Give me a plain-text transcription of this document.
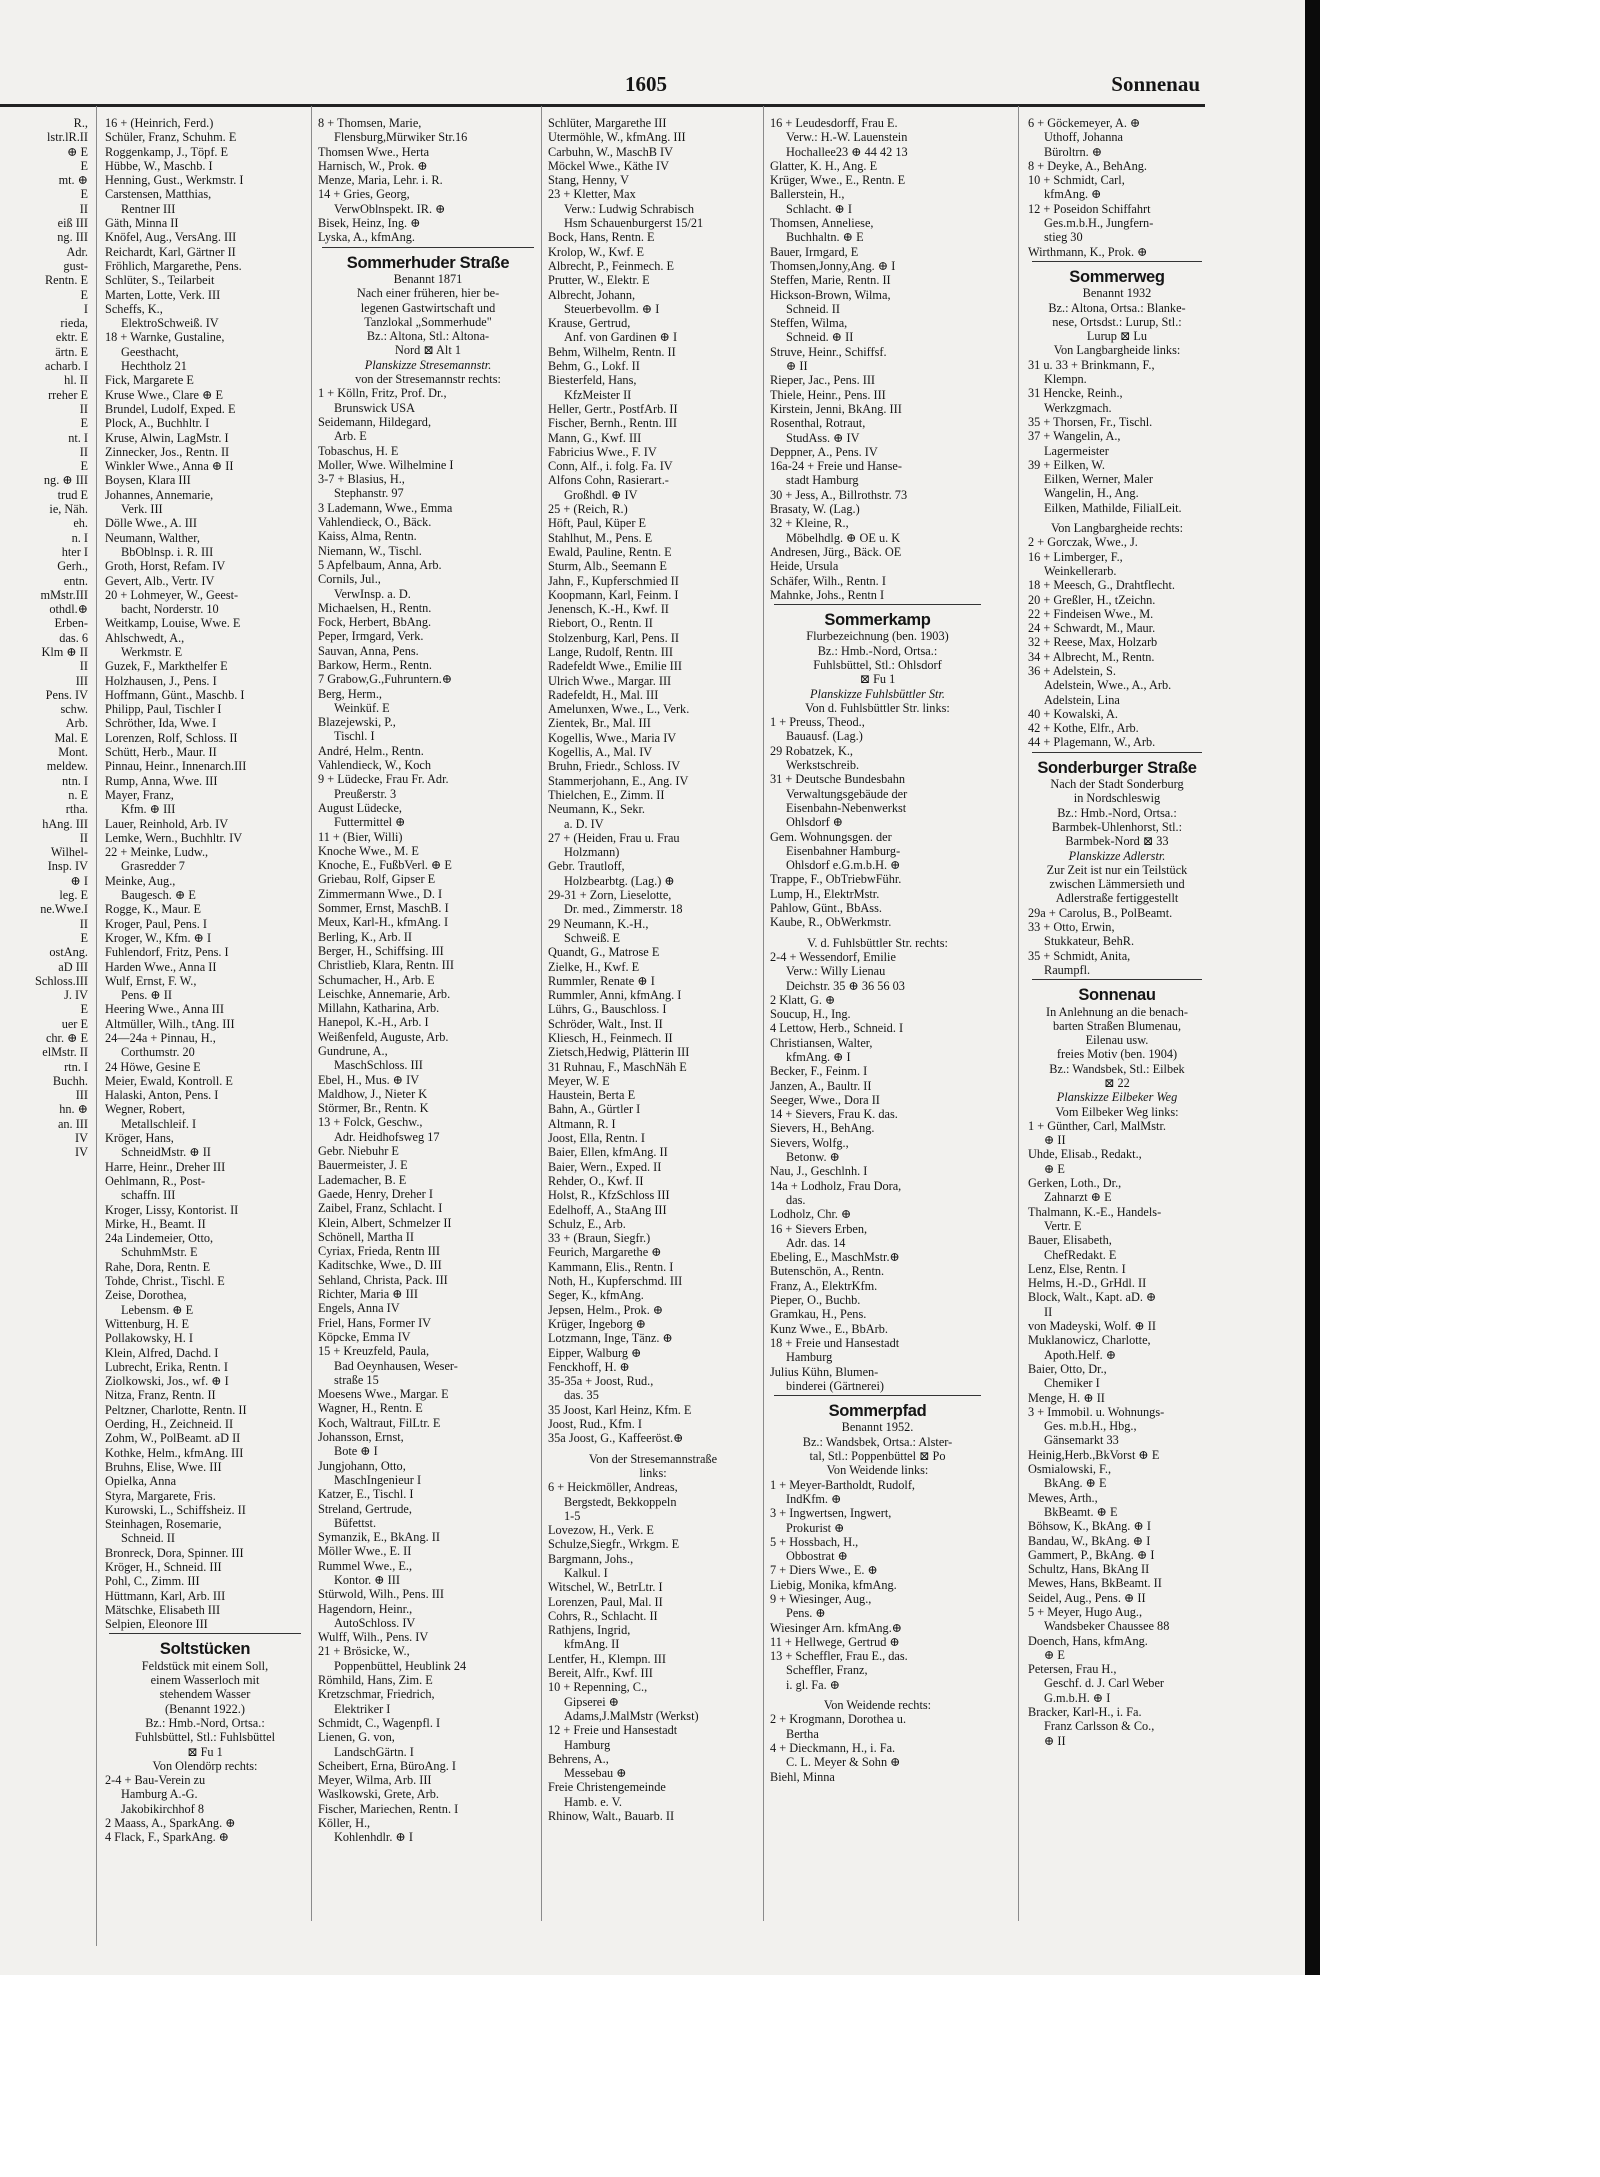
1605	Sonnenau
R.,
lstr.lR.II
⊕ E
E
mt. ⊕
E
II
eiß III
ng. III
Adr.
gust-
Rentn. E
E
I
rieda,
ektr. E
ärtn. E
acharb. I
hl. II
rreher E
II
E
nt. I
II
E
ng. ⊕ III
trud E
ie, Näh.
eh.
n. I
hter I
Gerh.,
entn.
mMstr.III
othdl.⊕
Erben-
das. 6
Klm ⊕ II
II
III
Pens. IV
schw.
Arb.
Mal. E
Mont.
meldew.
ntn. I
n. E
rtha.
hAng. III
II
Wilhel-
Insp. IV
⊕ I
leg. E
ne.Wwe.I
II
E
ostAng.
aD III
Schloss.III
J. IV
E
uer E
chr. ⊕ E
elMstr. II
rtn. I
Buchh.
III
hn. ⊕
an. III
IV
IV
16 + (Heinrich, Ferd.)
Schüler, Franz, Schuhm. E
Roggenkamp, J., Töpf. E
Hübbe, W., Maschb. I
Henning, Gust., Werkmstr. I
Carstensen, Matthias,
Rentner III
Gäth, Minna II
Knöfel, Aug., VersAng. III
Reichardt, Karl, Gärtner II
Fröhlich, Margarethe, Pens.
Schlüter, S., Teilarbeit
Marten, Lotte, Verk. III
Scheffs, K.,
ElektroSchweiß. IV
18 + Warnke, Gustaline,
Geesthacht,
Hechtholz 21
Fick, Margarete E
Kruse Wwe., Clare ⊕ E
Brundel, Ludolf, Exped. E
Plock, A., Buchhltr. I
Kruse, Alwin, LagMstr. I
Zinnecker, Jos., Rentn. II
Winkler Wwe., Anna ⊕ II
Boysen, Klara III
Johannes, Annemarie,
Verk. III
Dölle Wwe., A. III
Neumann, Walther,
BbOblnsp. i. R. III
Groth, Horst, Refam. IV
Gevert, Alb., Vertr. IV
20 + Lohmeyer, W., Geest-
bacht, Norderstr. 10
Weitkamp, Louise, Wwe. E
Ahlschwedt, A.,
Werkmstr. E
Guzek, F., Markthelfer E
Holzhausen, J., Pens. I
Hoffmann, Günt., Maschb. I
Philipp, Paul, Tischler I
Schröther, Ida, Wwe. I
Lorenzen, Rolf, Schloss. II
Schütt, Herb., Maur. II
Pinnau, Heinr., Innenarch.III
Rump, Anna, Wwe. III
Mayer, Franz,
Kfm. ⊕ III
Lauer, Reinhold, Arb. IV
Lemke, Wern., Buchhltr. IV
22 + Meinke, Ludw.,
Grasredder 7
Meinke, Aug.,
Baugesch. ⊕ E
Rogge, K., Maur. E
Kroger, Paul, Pens. I
Kroger, W., Kfm. ⊕ I
Fuhlendorf, Fritz, Pens. I
Harden Wwe., Anna II
Wulf, Ernst, F. W.,
Pens. ⊕ II
Heering Wwe., Anna III
Altmüller, Wilh., tAng. III
24—24a + Pinnau, H.,
Corthumstr. 20
24 Höwe, Gesine E
Meier, Ewald, Kontroll. E
Halaski, Anton, Pens. I
Wegner, Robert,
Metallschleif. I
Kröger, Hans,
SchneidMstr. ⊕ II
Harre, Heinr., Dreher III
Oehlmann, R., Post-
schaffn. III
Kroger, Lissy, Kontorist. II
Mirke, H., Beamt. II
24a Lindemeier, Otto,
SchuhmMstr. E
Rahe, Dora, Rentn. E
Tohde, Christ., Tischl. E
Zeise, Dorothea,
Lebensm. ⊕ E
Wittenburg, H. E
Pollakowsky, H. I
Klein, Alfred, Dachd. I
Lubrecht, Erika, Rentn. I
Ziolkowski, Jos., wf. ⊕ I
Nitza, Franz, Rentn. II
Peltzner, Charlotte, Rentn. II
Oerding, H., Zeichneid. II
Zohm, W., PolBeamt. aD II
Kothke, Helm., kfmAng. III
Bruhns, Elise, Wwe. III
Opielka, Anna
Styra, Margarete, Fris.
Kurowski, L., Schiffsheiz. II
Steinhagen, Rosemarie,
Schneid. II
Bronreck, Dora, Spinner. III
Kröger, H., Schneid. III
Pohl, C., Zimm. III
Hüttmann, Karl, Arb. III
Mätschke, Elisabeth III
Selpien, Eleonore III
Soltstücken
Feldstück mit einem Soll,
einem Wasserloch mit
stehendem Wasser
(Benannt 1922.)
Bz.: Hmb.-Nord, Ortsa.:
Fuhlsbüttel, Stl.: Fuhlsbüttel
⊠ Fu 1
Von Olendörp rechts:
2-4 + Bau-Verein zu
Hamburg A.-G.
Jakobikirchhof 8
2 Maass, A., SparkAng. ⊕
4 Flack, F., SparkAng. ⊕
8 + Thomsen, Marie,
Flensburg,Mürwiker Str.16
Thomsen Wwe., Herta
Harnisch, W., Prok. ⊕
Menze, Maria, Lehr. i. R.
14 + Gries, Georg,
VerwOblnspekt. IR. ⊕
Bisek, Heinz, Ing. ⊕
Lyska, A., kfmAng.
Sommerhuder Straße
Benannt 1871
Nach einer früheren, hier be-
legenen Gastwirtschaft und
Tanzlokal „Sommerhude"
Bz.: Altona, Stl.: Altona-
Nord ⊠ Alt 1
Planskizze Stresemannstr.
von der Stresemannstr rechts:
1 + Kölln, Fritz, Prof. Dr.,
Brunswick USA
Seidemann, Hildegard,
Arb. E
Tobaschus, H. E
Moller, Wwe. Wilhelmine I
3-7 + Blasius, H.,
Stephanstr. 97
3 Lademann, Wwe., Emma
Vahlendieck, O., Bäck.
Kaiss, Alma, Rentn.
Niemann, W., Tischl.
5 Apfelbaum, Anna, Arb.
Cornils, Jul.,
VerwInsp. a. D.
Michaelsen, H., Rentn.
Fock, Herbert, BbAng.
Peper, Irmgard, Verk.
Sauvan, Anna, Pens.
Barkow, Herm., Rentn.
7 Grabow,G.,Fuhruntern.⊕
Berg, Herm.,
Weinküf. E
Blazejewski, P.,
Tischl. I
André, Helm., Rentn.
Vahlendieck, W., Koch
9 + Lüdecke, Frau Fr. Adr.
Preußerstr. 3
August Lüdecke,
Futtermittel ⊕
11 + (Bier, Willi)
Knoche Wwe., M. E
Knoche, E., FußbVerl. ⊕ E
Griebau, Rolf, Gipser E
Zimmermann Wwe., D. I
Sommer, Ernst, MaschB. I
Meux, Karl-H., kfmAng. I
Berling, K., Arb. II
Berger, H., Schiffsing. III
Christlieb, Klara, Rentn. III
Schumacher, H., Arb. E
Leischke, Annemarie, Arb.
Millahn, Katharina, Arb.
Hanepol, K.-H., Arb. I
Weißenfeld, Auguste, Arb.
Gundrune, A.,
MaschSchloss. III
Ebel, H., Mus. ⊕ IV
Maldhow, J., Nieter K
Störmer, Br., Rentn. K
13 + Folck, Geschw.,
Adr. Heidhofsweg 17
Gebr. Niebuhr E
Bauermeister, J. E
Lademacher, B. E
Gaede, Henry, Dreher I
Zaibel, Franz, Schlacht. I
Klein, Albert, Schmelzer II
Schönell, Martha II
Cyriax, Frieda, Rentn III
Kaditschke, Wwe., D. III
Sehland, Christa, Pack. III
Richter, Maria ⊕ III
Engels, Anna IV
Friel, Hans, Former IV
Köpcke, Emma IV
15 + Kreuzfeld, Paula,
Bad Oeynhausen, Weser-
straße 15
Moesens Wwe., Margar. E
Wagner, H., Rentn. E
Koch, Waltraut, FilLtr. E
Johansson, Ernst,
Bote ⊕ I
Jungjohann, Otto,
MaschIngenieur I
Katzer, E., Tischl. I
Streland, Gertrude,
Büfettst.
Symanzik, E., BkAng. II
Möller Wwe., E. II
Rummel Wwe., E.,
Kontor. ⊕ III
Stürwold, Wilh., Pens. III
Hagendorn, Heinr.,
AutoSchloss. IV
Wulff, Wilh., Pens. IV
21 + Brösicke, W.,
Poppenbüttel, Heublink 24
Römhild, Hans, Zim. E
Kretzschmar, Friedrich,
Elektriker I
Schmidt, C., Wagenpfl. I
Lienen, G. von,
LandschGärtn. I
Scheibert, Erna, BüroAng. I
Meyer, Wilma, Arb. III
Waslkowski, Grete, Arb.
Fischer, Mariechen, Rentn. I
Köller, H.,
Kohlenhdlr. ⊕ I
Schlüter, Margarethe III
Utermöhle, W., kfmAng. III
Carbuhn, W., MaschB IV
Möckel Wwe., Käthe IV
Stang, Henny, V
23 + Kletter, Max
Verw.: Ludwig Schrabisch
Hsm Schauenburgerst 15/21
Bock, Hans, Rentn. E
Krolop, W., Kwf. E
Albrecht, P., Feinmech. E
Prutter, W., Elektr. E
Albrecht, Johann,
Steuerbevollm. ⊕ I
Krause, Gertrud,
Anf. von Gardinen ⊕ I
Behm, Wilhelm, Rentn. II
Behm, G., Lokf. II
Biesterfeld, Hans,
KfzMeister II
Heller, Gertr., PostfArb. II
Fischer, Bernh., Rentn. III
Mann, G., Kwf. III
Fabricius Wwe., F. IV
Conn, Alf., i. folg. Fa. IV
Alfons Cohn, Rasierart.-
Großhdl. ⊕ IV
25 + (Reich, R.)
Höft, Paul, Küper E
Stahlhut, M., Pens. E
Ewald, Pauline, Rentn. E
Sturm, Alb., Seemann E
Jahn, F., Kupferschmied II
Koopmann, Karl, Feinm. I
Jenensch, K.-H., Kwf. II
Riebort, O., Rentn. II
Stolzenburg, Karl, Pens. II
Lange, Rudolf, Rentn. III
Radefeldt Wwe., Emilie III
Ulrich Wwe., Margar. III
Radefeldt, H., Mal. III
Amelunxen, Wwe., L., Verk.
Zientek, Br., Mal. III
Kogellis, Wwe., Maria IV
Kogellis, A., Mal. IV
Bruhn, Friedr., Schloss. IV
Stammerjohann, E., Ang. IV
Thielchen, E., Zimm. II
Neumann, K., Sekr.
a. D. IV
27 + (Heiden, Frau u. Frau
Holzmann)
Gebr. Trautloff,
Holzbearbtg. (Lag.) ⊕
29-31 + Zorn, Lieselotte,
Dr. med., Zimmerstr. 18
29 Neumann, K.-H.,
Schweiß. E
Quandt, G., Matrose E
Zielke, H., Kwf. E
Rummler, Renate ⊕ I
Rummler, Anni, kfmAng. I
Lührs, G., Bauschloss. I
Schröder, Walt., Inst. II
Kliesch, H., Feinmech. II
Zietsch,Hedwig, Plätterin III
31 Ruhnau, F., MaschNäh E
Meyer, W. E
Haustein, Berta E
Bahn, A., Gürtler I
Altmann, R. I
Joost, Ella, Rentn. I
Baier, Ellen, kfmAng. II
Baier, Wern., Exped. II
Rehder, O., Kwf. II
Holst, R., KfzSchloss III
Edelhoff, A., StaAng III
Schulz, E., Arb.
33 + (Braun, Siegfr.)
Feurich, Margarethe ⊕
Kammann, Elis., Rentn. I
Noth, H., Kupferschmd. III
Seger, K., kfmAng.
Jepsen, Helm., Prok. ⊕
Krüger, Ingeborg ⊕
Lotzmann, Inge, Tänz. ⊕
Eipper, Walburg ⊕
Fenckhoff, H. ⊕
35-35a + Joost, Rud.,
das. 35
35 Joost, Karl Heinz, Kfm. E
Joost, Rud., Kfm. I
35a Joost, G., Kaffeeröst.⊕
Von der Stresemannstraße
links:
6 + Heickmöller, Andreas,
Bergstedt, Bekkoppeln
1-5
Lovezow, H., Verk. E
Schulze,Siegfr., Wrkgm. E
Bargmann, Johs.,
Kalkul. I
Witschel, W., BetrLtr. I
Lorenzen, Paul, Mal. II
Cohrs, R., Schlacht. II
Rathjens, Ingrid,
kfmAng. II
Lentfer, H., Klempn. III
Bereit, Alfr., Kwf. III
10 + Repenning, C.,
Gipserei ⊕
Adams,J.MalMstr (Werkst)
12 + Freie und Hansestadt
Hamburg
Behrens, A.,
Messebau ⊕
Freie Christengemeinde
Hamb. e. V.
Rhinow, Walt., Bauarb. II
16 + Leudesdorff, Frau E.
Verw.: H.-W. Lauenstein
Hochallee23 ⊕ 44 42 13
Glatter, K. H., Ang. E
Krüger, Wwe., E., Rentn. E
Ballerstein, H.,
Schlacht. ⊕ I
Thomsen, Anneliese,
Buchhaltn. ⊕ E
Bauer, Irmgard, E
Thomsen,Jonny,Ang. ⊕ I
Steffen, Marie, Rentn. II
Hickson-Brown, Wilma,
Schneid. II
Steffen, Wilma,
Schneid. ⊕ II
Struve, Heinr., Schiffsf.
⊕ II
Rieper, Jac., Pens. III
Thiele, Heinr., Pens. III
Kirstein, Jenni, BkAng. III
Rosenthal, Rotraut,
StudAss. ⊕ IV
Deppner, A., Pens. IV
16a-24 + Freie und Hanse-
stadt Hamburg
30 + Jess, A., Billrothstr. 73
Brasaty, W. (Lag.)
32 + Kleine, R.,
Möbelhdlg. ⊕ OE u. K
Andresen, Jürg., Bäck. OE
Heide, Ursula
Schäfer, Wilh., Rentn. I
Mahnke, Johs., Rentn I
Sommerkamp
Flurbezeichnung (ben. 1903)
Bz.: Hmb.-Nord, Ortsa.:
Fuhlsbüttel, Stl.: Ohlsdorf
⊠ Fu 1
Planskizze Fuhlsbüttler Str.
Von d. Fuhlsbüttler Str. links:
1 + Preuss, Theod.,
Bauausf. (Lag.)
29 Robatzek, K.,
Werkstschreib.
31 + Deutsche Bundesbahn
Verwaltungsgebäude der
Eisenbahn-Nebenwerkst
Ohlsdorf ⊕
Gem. Wohnungsgen. der
Eisenbahner Hamburg-
Ohlsdorf e.G.m.b.H. ⊕
Trappe, F., ObTriebwFühr.
Lump, H., ElektrMstr.
Pahlow, Günt., BbAss.
Kaube, R., ObWerkmstr.
V. d. Fuhlsbüttler Str. rechts:
2-4 + Wessendorf, Emilie
Verw.: Willy Lienau
Deichstr. 35 ⊕ 36 56 03
2 Klatt, G. ⊕
Soucup, H., Ing.
4 Lettow, Herb., Schneid. I
Christiansen, Walter,
kfmAng. ⊕ I
Becker, F., Feinm. I
Janzen, A., Baultr. II
Seeger, Wwe., Dora II
14 + Sievers, Frau K. das.
Sievers, H., BehAng.
Sievers, Wolfg.,
Betonw. ⊕
Nau, J., Geschlnh. I
14a + Lodholz, Frau Dora,
das.
Lodholz, Chr. ⊕
16 + Sievers Erben,
Adr. das. 14
Ebeling, E., MaschMstr.⊕
Butenschön, A., Rentn.
Franz, A., ElektrKfm.
Pieper, O., Buchb.
Gramkau, H., Pens.
Kunz Wwe., E., BbArb.
18 + Freie und Hansestadt
Hamburg
Julius Kühn, Blumen-
binderei (Gärtnerei)
Sommerpfad
Benannt 1952.
Bz.: Wandsbek, Ortsa.: Alster-
tal, Stl.: Poppenbüttel ⊠ Po
Von Weidende links:
1 + Meyer-Bartholdt, Rudolf,
IndKfm. ⊕
3 + Ingwertsen, Ingwert,
Prokurist ⊕
5 + Hossbach, H.,
Obbostrat ⊕
7 + Diers Wwe., E. ⊕
Liebig, Monika, kfmAng.
9 + Wiesinger, Aug.,
Pens. ⊕
Wiesinger Arn. kfmAng.⊕
11 + Hellwege, Gertrud ⊕
13 + Scheffler, Frau E., das.
Scheffler, Franz,
i. gl. Fa. ⊕
Von Weidende rechts:
2 + Krogmann, Dorothea u.
Bertha
4 + Dieckmann, H., i. Fa.
C. L. Meyer & Sohn ⊕
Biehl, Minna
6 + Göckemeyer, A. ⊕
Uthoff, Johanna
Büroltrn. ⊕
8 + Deyke, A., BehAng.
10 + Schmidt, Carl,
kfmAng. ⊕
12 + Poseidon Schiffahrt
Ges.m.b.H., Jungfern-
stieg 30
Wirthmann, K., Prok. ⊕
Sommerweg
Benannt 1932
Bz.: Altona, Ortsa.: Blanke-
nese, Ortsdst.: Lurup, Stl.:
Lurup ⊠ Lu
Von Langbargheide links:
31 u. 33 + Brinkmann, F.,
Klempn.
31 Hencke, Reinh.,
Werkzgmach.
35 + Thorsen, Fr., Tischl.
37 + Wangelin, A.,
Lagermeister
39 + Eilken, W.
Eilken, Werner, Maler
Wangelin, H., Ang.
Eilken, Mathilde, FilialLeit.
Von Langbargheide rechts:
2 + Gorczak, Wwe., J.
16 + Limberger, F.,
Weinkellerarb.
18 + Meesch, G., Drahtflecht.
20 + Greßler, H., tZeichn.
22 + Findeisen Wwe., M.
24 + Schwardt, M., Maur.
32 + Reese, Max, Holzarb
34 + Albrecht, M., Rentn.
36 + Adelstein, S.
Adelstein, Wwe., A., Arb.
Adelstein, Lina
40 + Kowalski, A.
42 + Kothe, Elfr., Arb.
44 + Plagemann, W., Arb.
Sonderburger Straße
Nach der Stadt Sonderburg
in Nordschleswig
Bz.: Hmb.-Nord, Ortsa.:
Barmbek-Uhlenhorst, Stl.:
Barmbek-Nord ⊠ 33
Planskizze Adlerstr.
Zur Zeit ist nur ein Teilstück
zwischen Lämmersieth und
Adlerstraße fertiggestellt
29a + Carolus, B., PolBeamt.
33 + Otto, Erwin,
Stukkateur, BehR.
35 + Schmidt, Anita,
Raumpfl.
Sonnenau
In Anlehnung an die benach-
barten Straßen Blumenau,
Eilenau usw.
freies Motiv (ben. 1904)
Bz.: Wandsbek, Stl.: Eilbek
⊠ 22
Planskizze Eilbeker Weg
Vom Eilbeker Weg links:
1 + Günther, Carl, MalMstr.
⊕ II
Uhde, Elisab., Redakt.,
⊕ E
Gerken, Loth., Dr.,
Zahnarzt ⊕ E
Thalmann, K.-E., Handels-
Vertr. E
Bauer, Elisabeth,
ChefRedakt. E
Lenz, Else, Rentn. I
Helms, H.-D., GrHdl. II
Block, Walt., Kapt. aD. ⊕
II
von Madeyski, Wolf. ⊕ II
Muklanowicz, Charlotte,
Apoth.Helf. ⊕
Baier, Otto, Dr.,
Chemiker I
Menge, H. ⊕ II
3 + Immobil. u. Wohnungs-
Ges. m.b.H., Hbg.,
Gänsemarkt 33
Heinig,Herb.,BkVorst ⊕ E
Osmialowski, F.,
BkAng. ⊕ E
Mewes, Arth.,
BkBeamt. ⊕ E
Böhsow, K., BkAng. ⊕ I
Bandau, W., BkAng. ⊕ I
Gammert, P., BkAng. ⊕ I
Schultz, Hans, BkAng II
Mewes, Hans, BkBeamt. II
Seidel, Aug., Pens. ⊕ II
5 + Meyer, Hugo Aug.,
Wandsbeker Chaussee 88
Doench, Hans, kfmAng.
⊕ E
Petersen, Frau H.,
Geschf. d. J. Carl Weber
G.m.b.H. ⊕ I
Bracker, Karl-H., i. Fa.
Franz Carlsson & Co.,
⊕ II
